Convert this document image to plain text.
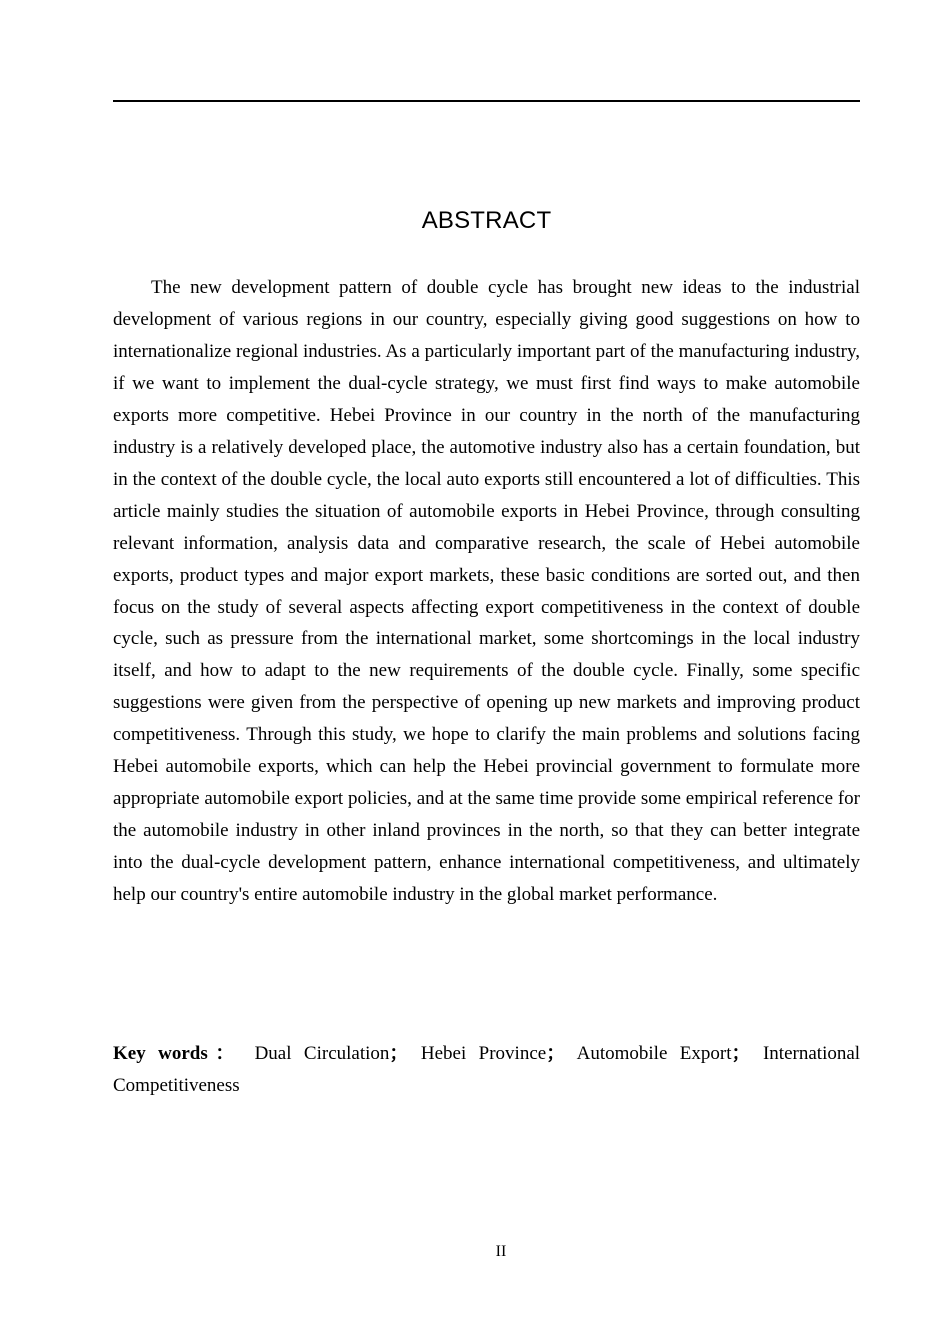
ABSTRACT

The new development pattern of double cycle has brought new ideas to the industrial development of various regions in our country, especially giving good suggestions on how to internationalize regional industries. As a particularly important part of the manufacturing industry, if we want to implement the dual-cycle strategy, we must first find ways to make automobile exports more competitive. Hebei Province in our country in the north of the manufacturing industry is a relatively developed place, the automotive industry also has a certain foundation, but in the context of the double cycle, the local auto exports still encountered a lot of difficulties. This article mainly studies the situation of automobile exports in Hebei Province, through consulting relevant information, analysis data and comparative research, the scale of Hebei automobile exports, product types and major export markets, these basic conditions are sorted out, and then focus on the study of several aspects affecting export competitiveness in the context of double cycle, such as pressure from the international market, some shortcomings in the local industry itself, and how to adapt to the new requirements of the double cycle. Finally, some specific suggestions were given from the perspective of opening up new markets and improving product competitiveness. Through this study, we hope to clarify the main problems and solutions facing Hebei automobile exports, which can help the Hebei provincial government to formulate more appropriate automobile export policies, and at the same time provide some empirical reference for the automobile industry in other inland provinces in the north, so that they can better integrate into the dual-cycle development pattern, enhance international competitiveness, and ultimately help our country's entire automobile industry in the global market performance.

Key words： Dual Circulation； Hebei Province； Automobile Export； International Competitiveness

II
